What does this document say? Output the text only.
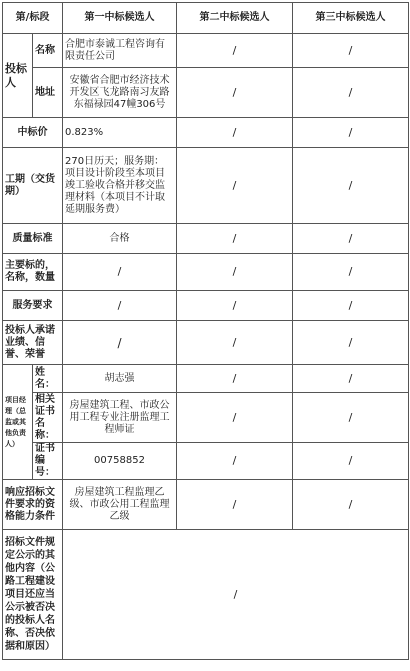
第/标段		第一中标候选人	第二中标候选人	第三中标候选人
投标人	名称	合肥市泰诚工程咨询有限责任公司	/	/
	地址	安徽省合肥市经济技术开发区飞龙路南习友路东福禄园47幢306号	/	/
中标价		0.823%	/	/
工期（交货期）		270日历天；服务期：项目设计阶段至本项目竣工验收合格并移交监理材料（本项目不计取延期服务费）	/	/
质量标准		合格	/	/
主要标的，名称，数量		/	/	/
服务要求		/	/	/
投标人承诺业绩、信誉、荣誉		/	/	/
项目经理（总监或其他负责人）	姓名：	胡志强	/	/
	相关证书名称：	房屋建筑工程、市政公用工程专业注册监理工程师证	/	/
	证书编号：	00758852	/	/
响应招标文件要求的资格能力条件		房屋建筑工程监理乙级、市政公用工程监理乙级	/	/
招标文件规定公示的其他内容（公路工程建设项目还应当公示被否决的投标人名称、否决依据和原因）		/		
